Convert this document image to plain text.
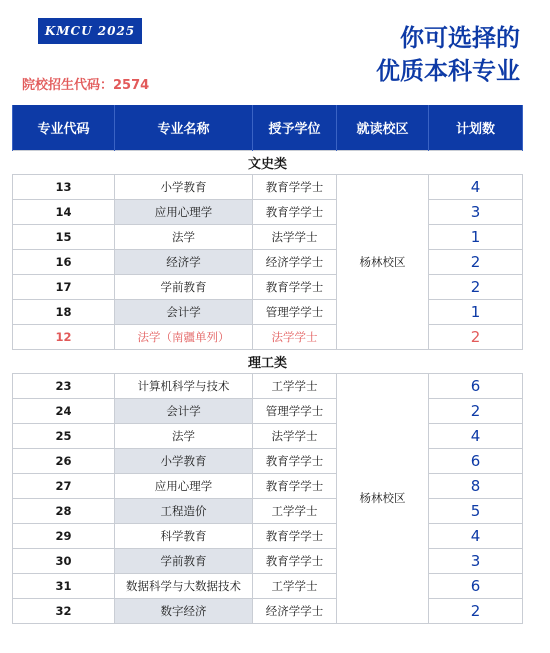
KMCU 2025	你可选择的
优质本科专业
院校招生代码：2574
专业代码	专业名称	授予学位	就读校区	计划数
文史类				
13	小学教育	教育学学士	杨林校区	4
14	应用心理学	教育学学士		3
15	法学	法学学士		1
16	经济学	经济学学士		2
17	学前教育	教育学学士		2
18	会计学	管理学学士		1
12	法学（南疆单列）	法学学士		2
理工类				
23	计算机科学与技术	工学学士	杨林校区	6
24	会计学	管理学学士		2
25	法学	法学学士		4
26	小学教育	教育学学士		6
27	应用心理学	教育学学士		8
28	工程造价	工学学士		5
29	科学教育	教育学学士		4
30	学前教育	教育学学士		3
31	数据科学与大数据技术	工学学士		6
32	数字经济	经济学学士		2
